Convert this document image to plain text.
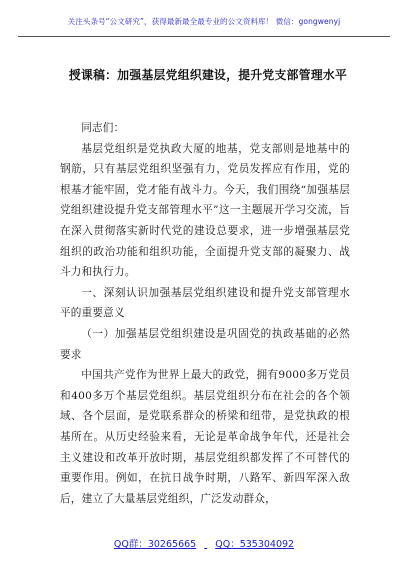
关注头条号“公文研究”，获得最新最全最专业的公文资料库！ 微信：gongwenyj
授课稿：加强基层党组织建设，提升党支部管理水平

同志们：

基层党组织是党执政大厦的地基，党支部则是地基中的钢筋，只有基层党组织坚强有力，党员发挥应有作用，党的根基才能牢固，党才能有战斗力。今天，我们围绕“加强基层党组织建设提升党支部管理水平”这一主题展开学习交流，旨在深入贯彻落实新时代党的建设总要求，进一步增强基层党组织的政治功能和组织功能，全面提升党支部的凝聚力、战斗力和执行力。

一、深刻认识加强基层党组织建设和提升党支部管理水平的重要意义

（一）加强基层党组织建设是巩固党的执政基础的必然要求

中国共产党作为世界上最大的政党，拥有9000多万党员和400多万个基层党组织。基层党组织分布在社会的各个领域、各个层面，是党联系群众的桥梁和纽带，是党执政的根基所在。从历史经验来看，无论是革命战争年代，还是社会主义建设和改革开放时期，基层党组织都发挥了不可替代的重要作用。例如，在抗日战争时期，八路军、新四军深入敌后，建立了大量基层党组织，广泛发动群众，

QQ群：30265665 QQ：535304092
